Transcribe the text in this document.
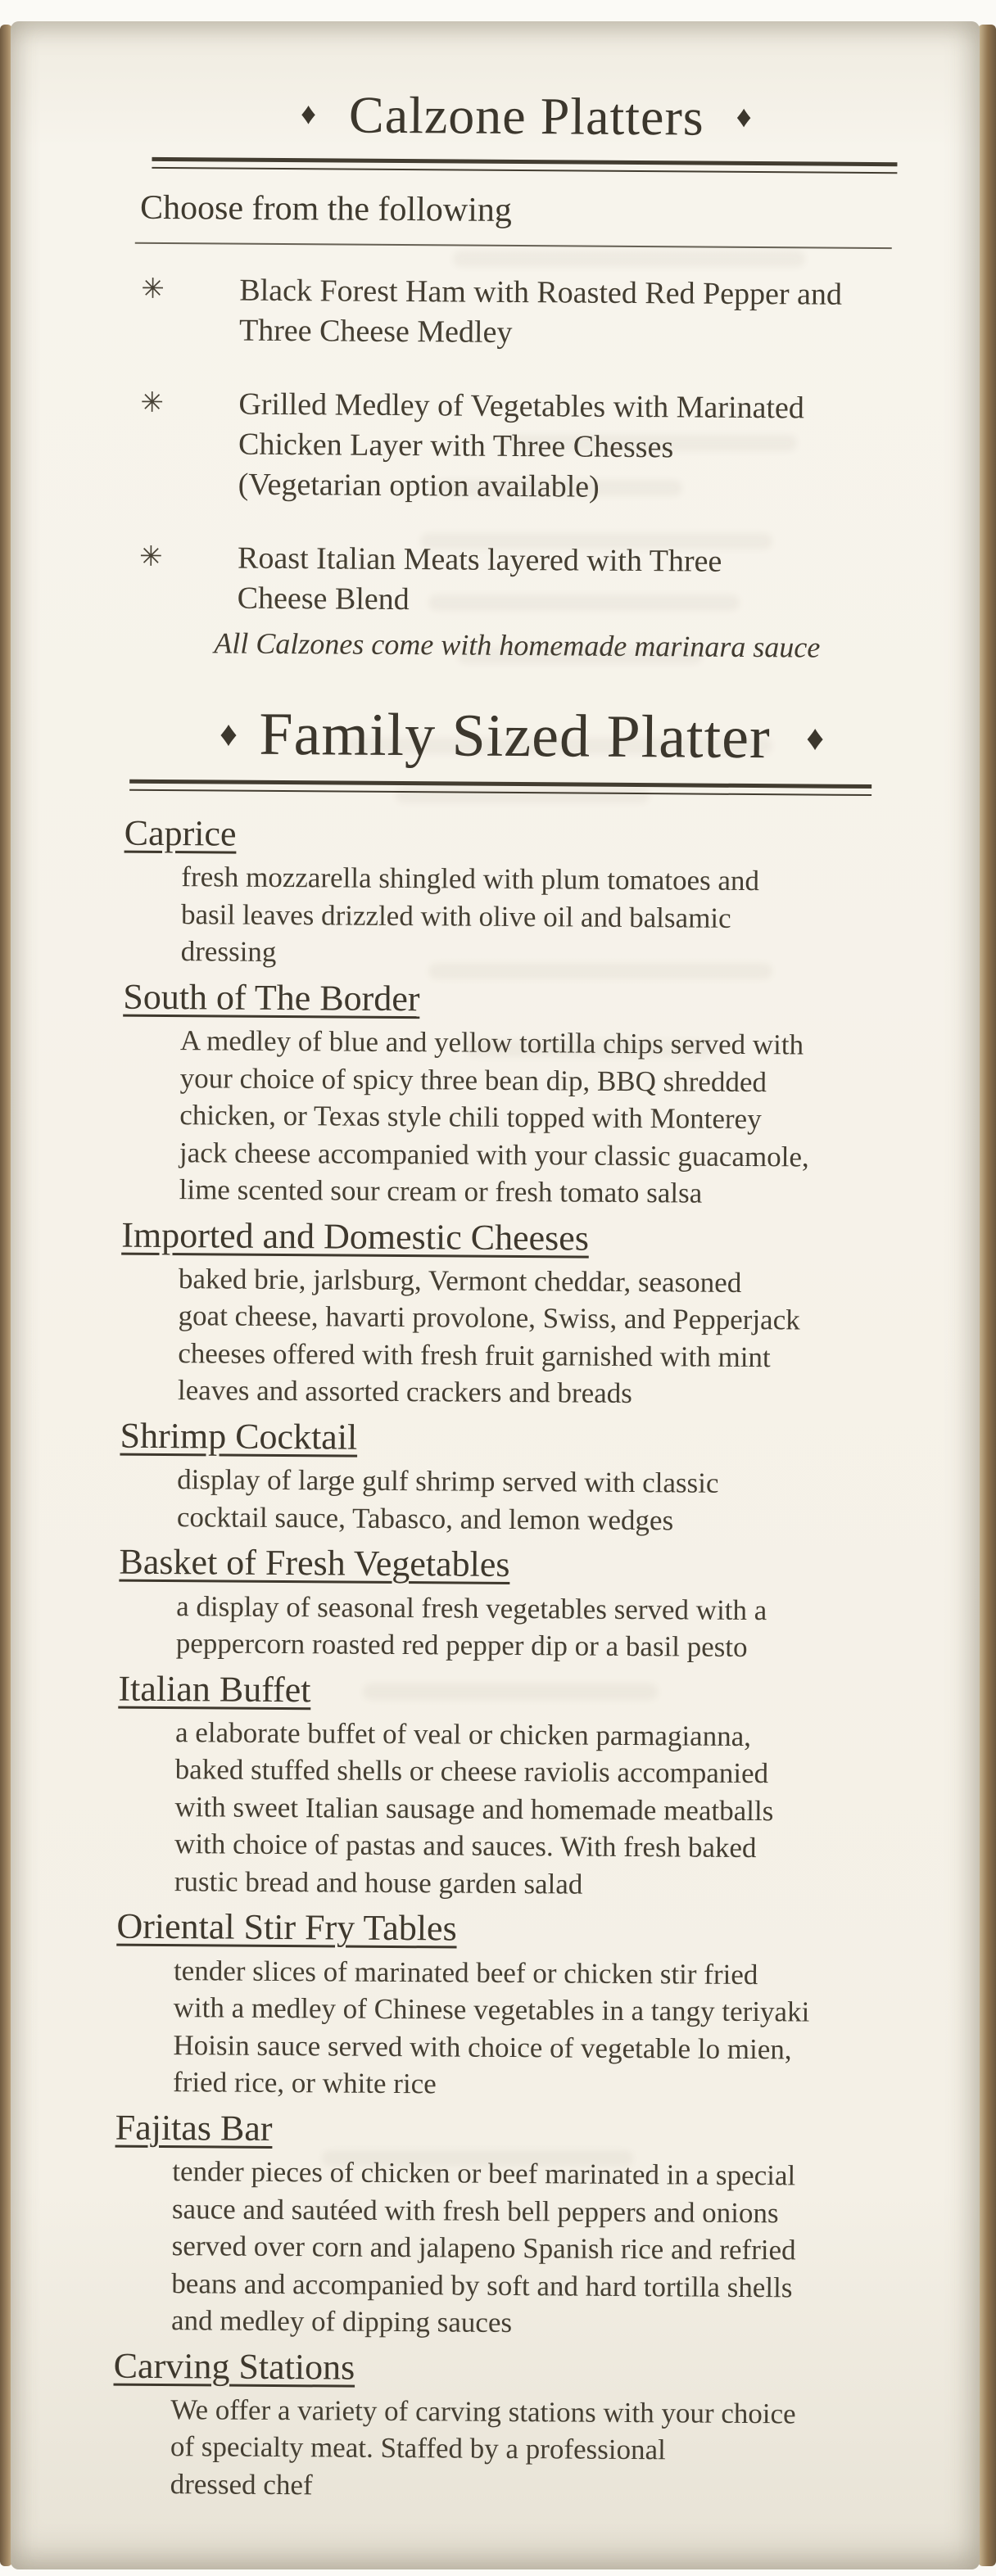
♦ Calzone Platters ♦
Choose from the following
✳ Black Forest Ham with Roasted Red Pepper and
Three Cheese Medley
✳ Grilled Medley of Vegetables with Marinated
Chicken Layer with Three Chesses
(Vegetarian option available)
✳ Roast Italian Meats layered with Three
Cheese Blend
All Calzones come with homemade marinara sauce
♦ Family Sized Platter ♦
Caprice
fresh mozzarella shingled with plum tomatoes and
basil leaves drizzled with olive oil and balsamic
dressing
South of The Border
A medley of blue and yellow tortilla chips served with
your choice of spicy three bean dip, BBQ shredded
chicken, or Texas style chili topped with Monterey
jack cheese accompanied with your classic guacamole,
lime scented sour cream or fresh tomato salsa
Imported and Domestic Cheeses
baked brie, jarlsburg, Vermont cheddar, seasoned
goat cheese, havarti provolone, Swiss, and Pepperjack
cheeses offered with fresh fruit garnished with mint
leaves and assorted crackers and breads
Shrimp Cocktail
display of large gulf shrimp served with classic
cocktail sauce, Tabasco, and lemon wedges
Basket of Fresh Vegetables
a display of seasonal fresh vegetables served with a
peppercorn roasted red pepper dip or a basil pesto
Italian Buffet
a elaborate buffet of veal or chicken parmagianna,
baked stuffed shells or cheese raviolis accompanied
with sweet Italian sausage and homemade meatballs
with choice of pastas and sauces. With fresh baked
rustic bread and house garden salad
Oriental Stir Fry Tables
tender slices of marinated beef or chicken stir fried
with a medley of Chinese vegetables in a tangy teriyaki
Hoisin sauce served with choice of vegetable lo mien,
fried rice, or white rice
Fajitas Bar
tender pieces of chicken or beef marinated in a special
sauce and sautéed with fresh bell peppers and onions
served over corn and jalapeno Spanish rice and refried
beans and accompanied by soft and hard tortilla shells
and medley of dipping sauces
Carving Stations
We offer a variety of carving stations with your choice
of specialty meat. Staffed by a professional
dressed chef
